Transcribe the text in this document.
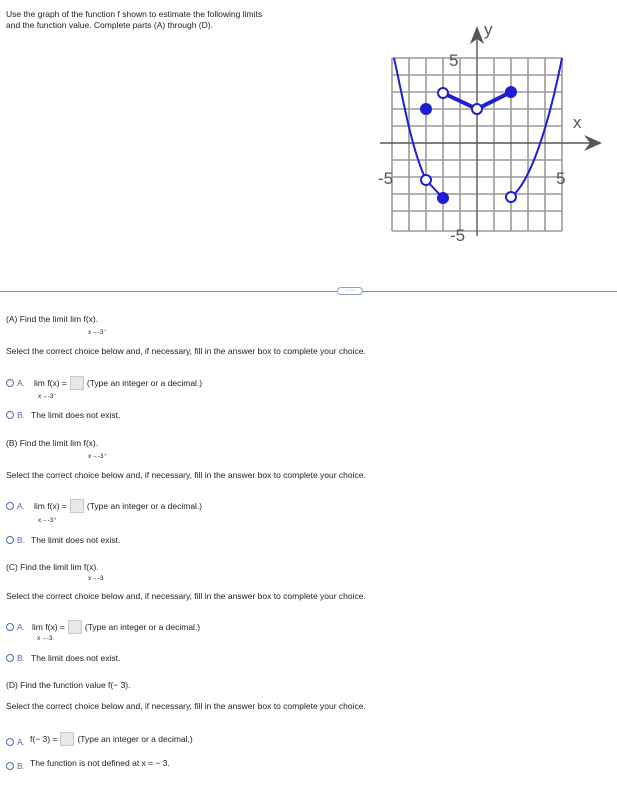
Use the graph of the function f shown to estimate the following limits
and the function value. Complete parts (A) through (D).	y
x
5
-5
-5	5
····
(A) Find the limit lim f(x).
x→-3⁻
Select the correct choice below and, if necessary, fill in the answer box to complete your choice.
A. lim f(x) = (Type an integer or a decimal.)
x→-3⁻
B. The limit does not exist.
(B) Find the limit lim f(x).
x→-3⁺
Select the correct choice below and, if necessary, fill in the answer box to complete your choice.
A. lim f(x) = (Type an integer or a decimal.)
x→-3⁺
B. The limit does not exist.
(C) Find the limit lim f(x).
x→-3
Select the correct choice below and, if necessary, fill in the answer box to complete your choice.
A. lim f(x) = (Type an integer or a decimal.)
x→-3
B. The limit does not exist.
(D) Find the function value f(− 3).
Select the correct choice below and, if necessary, fill in the answer box to complete your choice.
A. f(− 3) = (Type an integer or a decimal.)
B. The function is not defined at x = − 3.
